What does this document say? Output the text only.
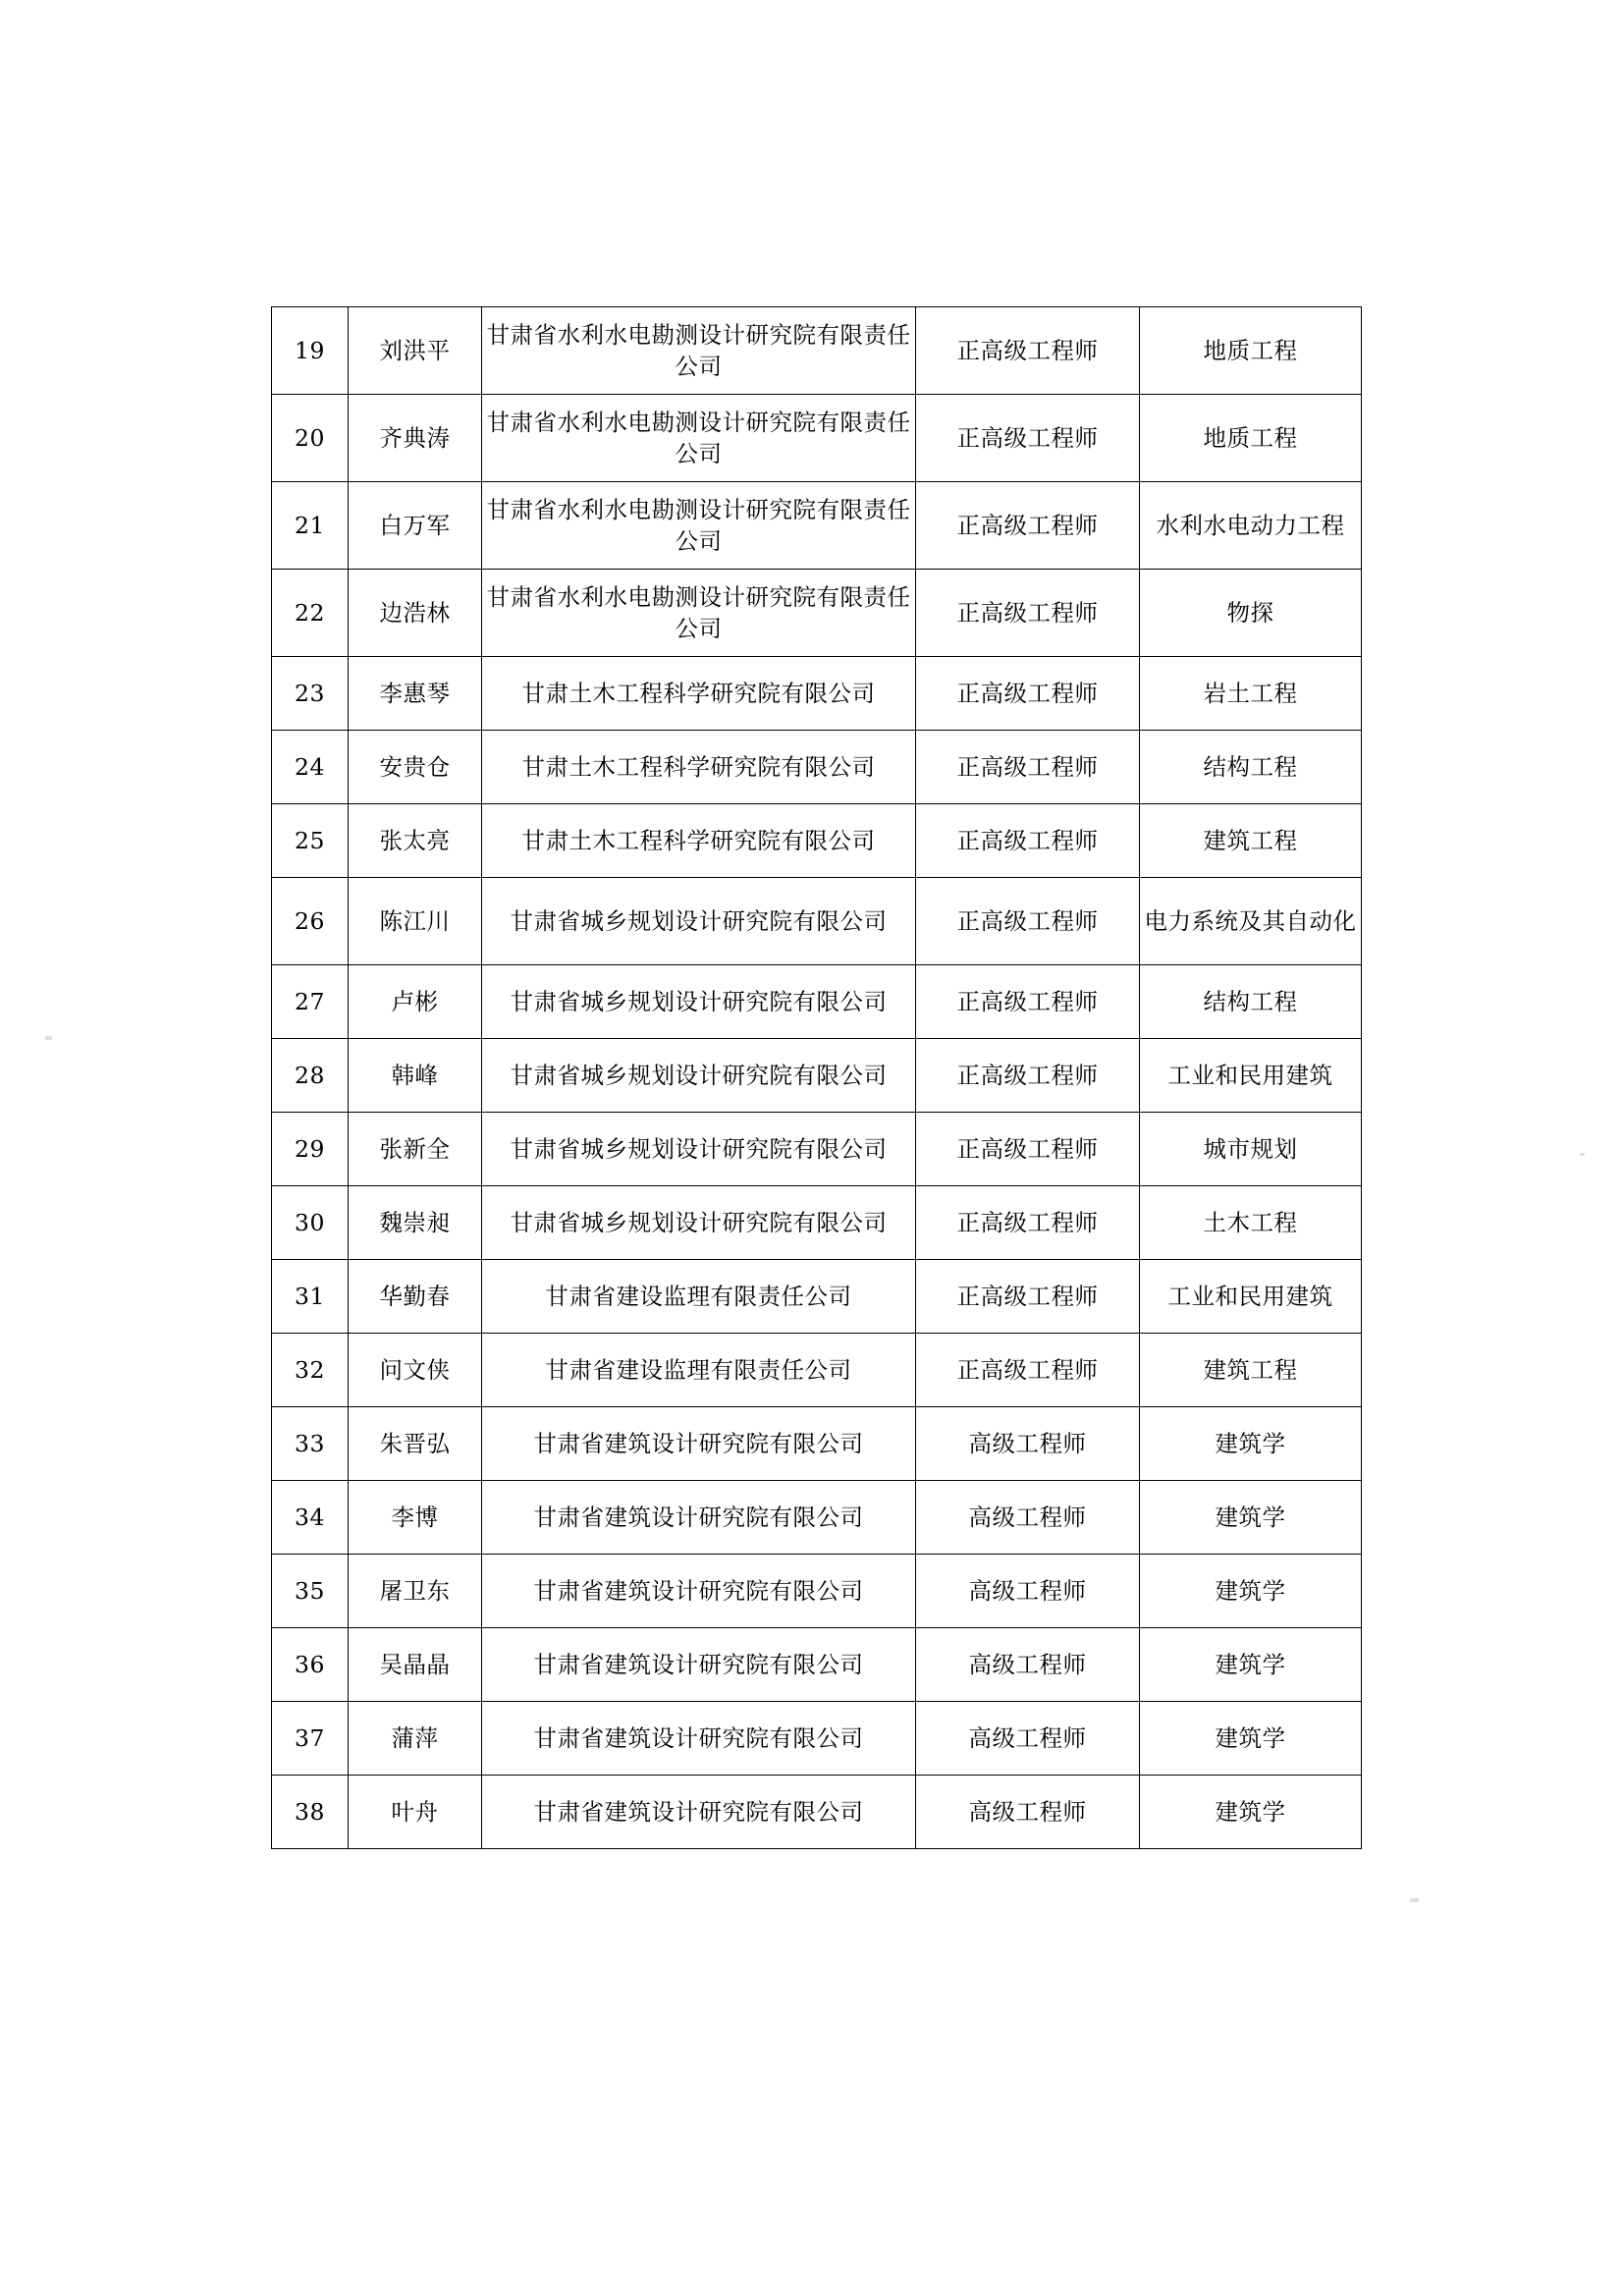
19	刘洪平	甘肃省水利水电勘测设计研究院有限责任公司	正高级工程师	地质工程
20	齐典涛	甘肃省水利水电勘测设计研究院有限责任公司	正高级工程师	地质工程
21	白万军	甘肃省水利水电勘测设计研究院有限责任公司	正高级工程师	水利水电动力工程
22	边浩林	甘肃省水利水电勘测设计研究院有限责任公司	正高级工程师	物探
23	李惠琴	甘肃土木工程科学研究院有限公司	正高级工程师	岩土工程
24	安贵仓	甘肃土木工程科学研究院有限公司	正高级工程师	结构工程
25	张太亮	甘肃土木工程科学研究院有限公司	正高级工程师	建筑工程
26	陈江川	甘肃省城乡规划设计研究院有限公司	正高级工程师	电力系统及其自动化
27	卢彬	甘肃省城乡规划设计研究院有限公司	正高级工程师	结构工程
28	韩峰	甘肃省城乡规划设计研究院有限公司	正高级工程师	工业和民用建筑
29	张新全	甘肃省城乡规划设计研究院有限公司	正高级工程师	城市规划
30	魏崇昶	甘肃省城乡规划设计研究院有限公司	正高级工程师	土木工程
31	华勤春	甘肃省建设监理有限责任公司	正高级工程师	工业和民用建筑
32	问文侠	甘肃省建设监理有限责任公司	正高级工程师	建筑工程
33	朱晋弘	甘肃省建筑设计研究院有限公司	高级工程师	建筑学
34	李博	甘肃省建筑设计研究院有限公司	高级工程师	建筑学
35	屠卫东	甘肃省建筑设计研究院有限公司	高级工程师	建筑学
36	吴晶晶	甘肃省建筑设计研究院有限公司	高级工程师	建筑学
37	蒲萍	甘肃省建筑设计研究院有限公司	高级工程师	建筑学
38	叶舟	甘肃省建筑设计研究院有限公司	高级工程师	建筑学
